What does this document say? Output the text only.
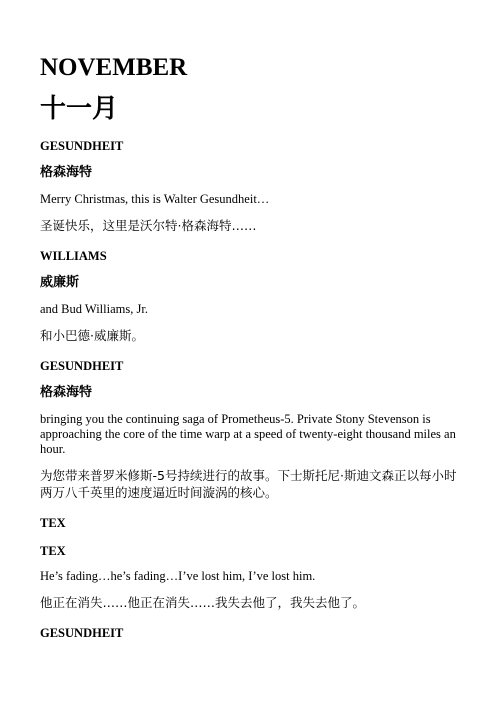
NOVEMBER
十一月
GESUNDHEIT
格森海特
Merry Christmas, this is Walter Gesundheit…
圣诞快乐，这里是沃尔特·格森海特……
WILLIAMS
威廉斯
and Bud Williams, Jr.
和小巴德·威廉斯。
GESUNDHEIT
格森海特
bringing you the continuing saga of Prometheus-5. Private Stony Stevenson is approaching the core of the time warp at a speed of twenty-eight thousand miles an hour.
为您带来普罗米修斯-5号持续进行的故事。下士斯托尼·斯迪文森正以每小时两万八千英里的速度逼近时间漩涡的核心。
TEX
TEX
He’s fading…he’s fading…I’ve lost him, I’ve lost him.
他正在消失……他正在消失……我失去他了，我失去他了。
GESUNDHEIT
